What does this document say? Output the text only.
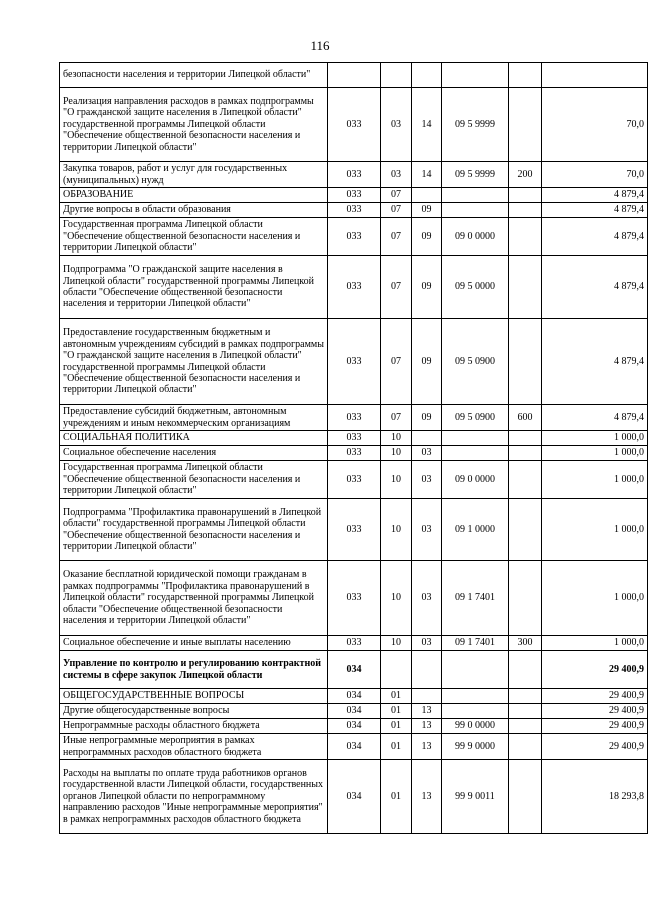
116
безопасности населения и территории Липецкой области"						
Реализация направления расходов в рамках подпрограммы "О гражданской защите населения в Липецкой области" государственной программы Липецкой области "Обеспечение общественной безопасности населения и территории Липецкой области"	033	03	14	09 5 9999		70,0
Закупка товаров, работ и услуг для государственных (муниципальных) нужд	033	03	14	09 5 9999	200	70,0
ОБРАЗОВАНИЕ	033	07				4 879,4
Другие вопросы в области образования	033	07	09			4 879,4
Государственная программа Липецкой области "Обеспечение общественной безопасности населения и территории Липецкой области"	033	07	09	09 0 0000		4 879,4
Подпрограмма "О гражданской защите населения в Липецкой области" государственной программы Липецкой области "Обеспечение общественной безопасности населения и территории Липецкой области"	033	07	09	09 5 0000		4 879,4
Предоставление государственным бюджетным и автономным учреждениям субсидий в рамках подпрограммы "О гражданской защите населения в Липецкой области" государственной программы Липецкой области "Обеспечение общественной безопасности населения и территории Липецкой области"	033	07	09	09 5 0900		4 879,4
Предоставление субсидий бюджетным, автономным учреждениям и иным некоммерческим организациям	033	07	09	09 5 0900	600	4 879,4
СОЦИАЛЬНАЯ ПОЛИТИКА	033	10				1 000,0
Социальное обеспечение населения	033	10	03			1 000,0
Государственная программа Липецкой области "Обеспечение общественной безопасности населения и территории Липецкой области"	033	10	03	09 0 0000		1 000,0
Подпрограмма "Профилактика правонарушений в Липецкой области" государственной программы Липецкой области "Обеспечение общественной безопасности населения и территории Липецкой области"	033	10	03	09 1 0000		1 000,0
Оказание бесплатной юридической помощи гражданам в рамках подпрограммы "Профилактика правонарушений в Липецкой области" государственной программы Липецкой области "Обеспечение общественной безопасности населения и территории Липецкой области"	033	10	03	09 1 7401		1 000,0
Социальное обеспечение и иные выплаты населению	033	10	03	09 1 7401	300	1 000,0
Управление по контролю и регулированию контрактной системы в сфере закупок Липецкой области	034					29 400,9
ОБЩЕГОСУДАРСТВЕННЫЕ ВОПРОСЫ	034	01				29 400,9
Другие общегосударственные вопросы	034	01	13			29 400,9
Непрограммные расходы областного бюджета	034	01	13	99 0 0000		29 400,9
Иные непрограммные мероприятия в рамках непрограммных расходов областного бюджета	034	01	13	99 9 0000		29 400,9
Расходы на выплаты по оплате труда работников органов государственной власти Липецкой области, государственных органов Липецкой области по непрограммному направлению расходов "Иные непрограммные мероприятия" в рамках непрограммных расходов областного бюджета	034	01	13	99 9 0011		18 293,8
